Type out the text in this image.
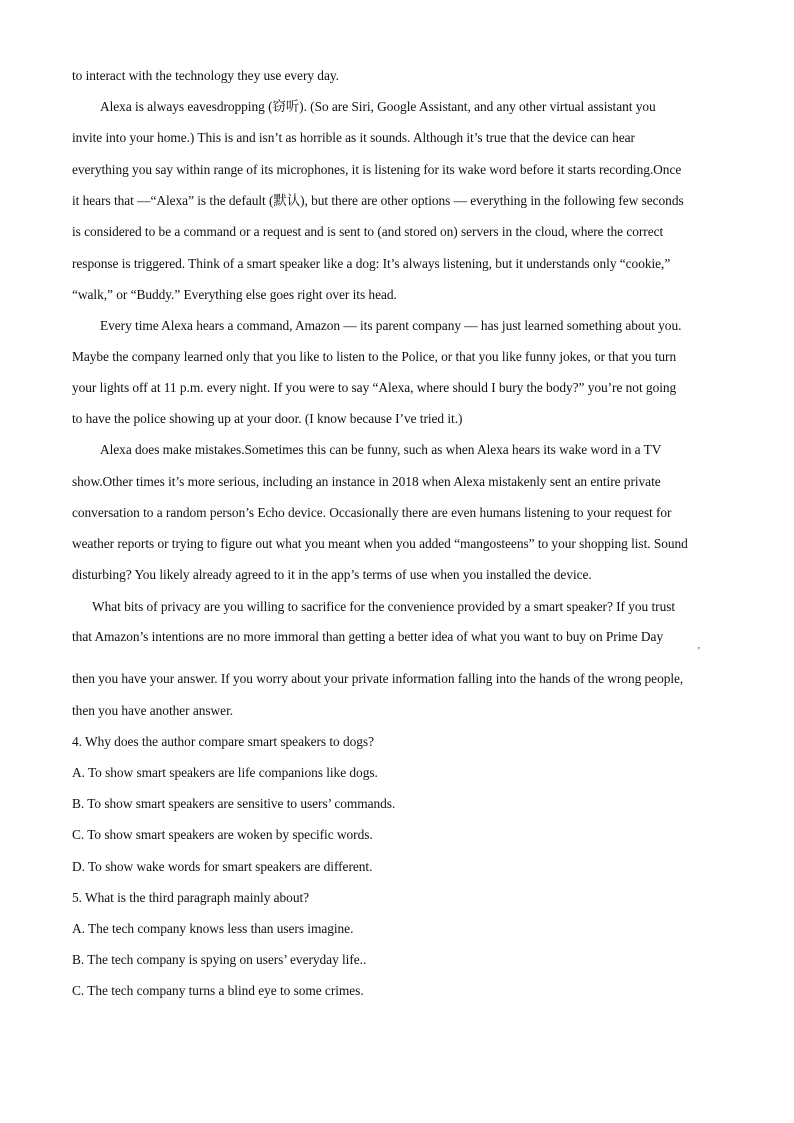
to interact with the technology they use every day.
Alexa is always eavesdropping (窃听). (So are Siri, Google Assistant, and any other virtual assistant you
invite into your home.) This is and isn’t as horrible as it sounds. Although it’s true that the device can hear
everything you say within range of its microphones, it is listening for its wake word before it starts recording.Once
it hears that —“Alexa” is the default (默认), but there are other options — everything in the following few seconds
is considered to be a command or a request and is sent to (and stored on) servers in the cloud, where the correct
response is triggered. Think of a smart speaker like a dog: It’s always listening, but it understands only “cookie,”
“walk,” or “Buddy.” Everything else goes right over its head.
Every time Alexa hears a command, Amazon — its parent company — has just learned something about you.
Maybe the company learned only that you like to listen to the Police, or that you like funny jokes, or that you turn
your lights off at 11 p.m. every night. If you were to say “Alexa, where should I bury the body?” you’re not going
to have the police showing up at your door. (I know because I’ve tried it.)
Alexa does make mistakes.Sometimes this can be funny, such as when Alexa hears its wake word in a TV
show.Other times it’s more serious, including an instance in 2018 when Alexa mistakenly sent an entire private
conversation to a random person’s Echo device. Occasionally there are even humans listening to your request for
weather reports or trying to figure out what you meant when you added “mangosteens” to your shopping list. Sound
disturbing? You likely already agreed to it in the app’s terms of use when you installed the device.
What bits of privacy are you willing to sacrifice for the convenience provided by a smart speaker? If you trust
that Amazon’s intentions are no more immoral than getting a better idea of what you want to buy on Prime Day
'
then you have your answer. If you worry about your private information falling into the hands of the wrong people,
then you have another answer.
4. Why does the author compare smart speakers to dogs?
A. To show smart speakers are life companions like dogs.
B. To show smart speakers are sensitive to users’ commands.
C. To show smart speakers are woken by specific words.
D. To show wake words for smart speakers are different.
5. What is the third paragraph mainly about?
A. The tech company knows less than users imagine.
B. The tech company is spying on users’ everyday life..
C. The tech company turns a blind eye to some crimes.
